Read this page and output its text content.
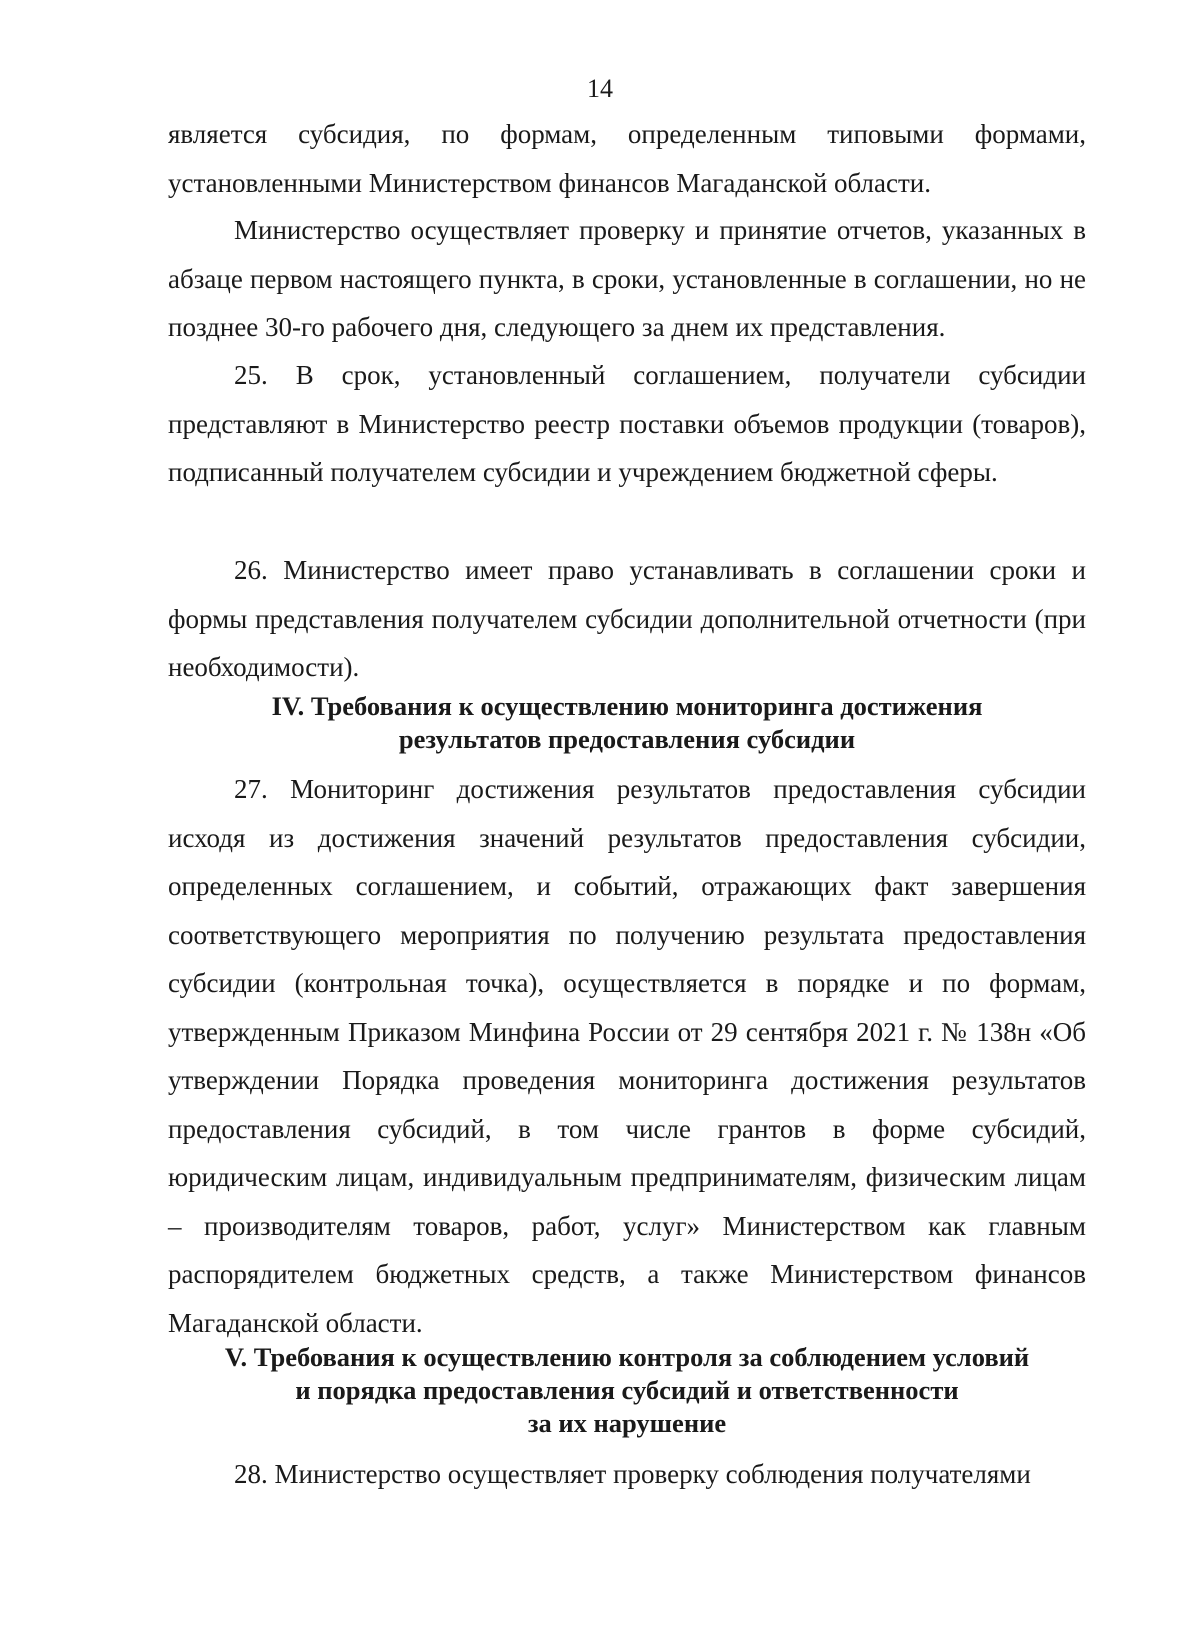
14

является субсидия, по формам, определенным типовыми формами, установленными Министерством финансов Магаданской области.

Министерство осуществляет проверку и принятие отчетов, указанных в абзаце первом настоящего пункта, в сроки, установленные в соглашении, но не позднее 30-го рабочего дня, следующего за днем их представления.

25. В срок, установленный соглашением, получатели субсидии представляют в Министерство реестр поставки объемов продукции (товаров), подписанный получателем субсидии и учреждением бюджетной сферы.

26. Министерство имеет право устанавливать в соглашении сроки и формы представления получателем субсидии дополнительной отчетности (при необходимости).

IV. Требования к осуществлению мониторинга достижения
результатов предоставления субсидии

27. Мониторинг достижения результатов предоставления субсидии исходя из достижения значений результатов предоставления субсидии, определенных соглашением, и событий, отражающих факт завершения соответствующего мероприятия по получению результата предоставления субсидии (контрольная точка), осуществляется в порядке и по формам, утвержденным Приказом Минфина России от 29 сентября 2021 г. № 138н «Об утверждении Порядка проведения мониторинга достижения результатов предоставления субсидий, в том числе грантов в форме субсидий, юридическим лицам, индивидуальным предпринимателям, физическим лицам – производителям товаров, работ, услуг» Министерством как главным распорядителем бюджетных средств, а также Министерством финансов Магаданской области.

V. Требования к осуществлению контроля за соблюдением условий
и порядка предоставления субсидий и ответственности
за их нарушение

28. Министерство осуществляет проверку соблюдения получателями
